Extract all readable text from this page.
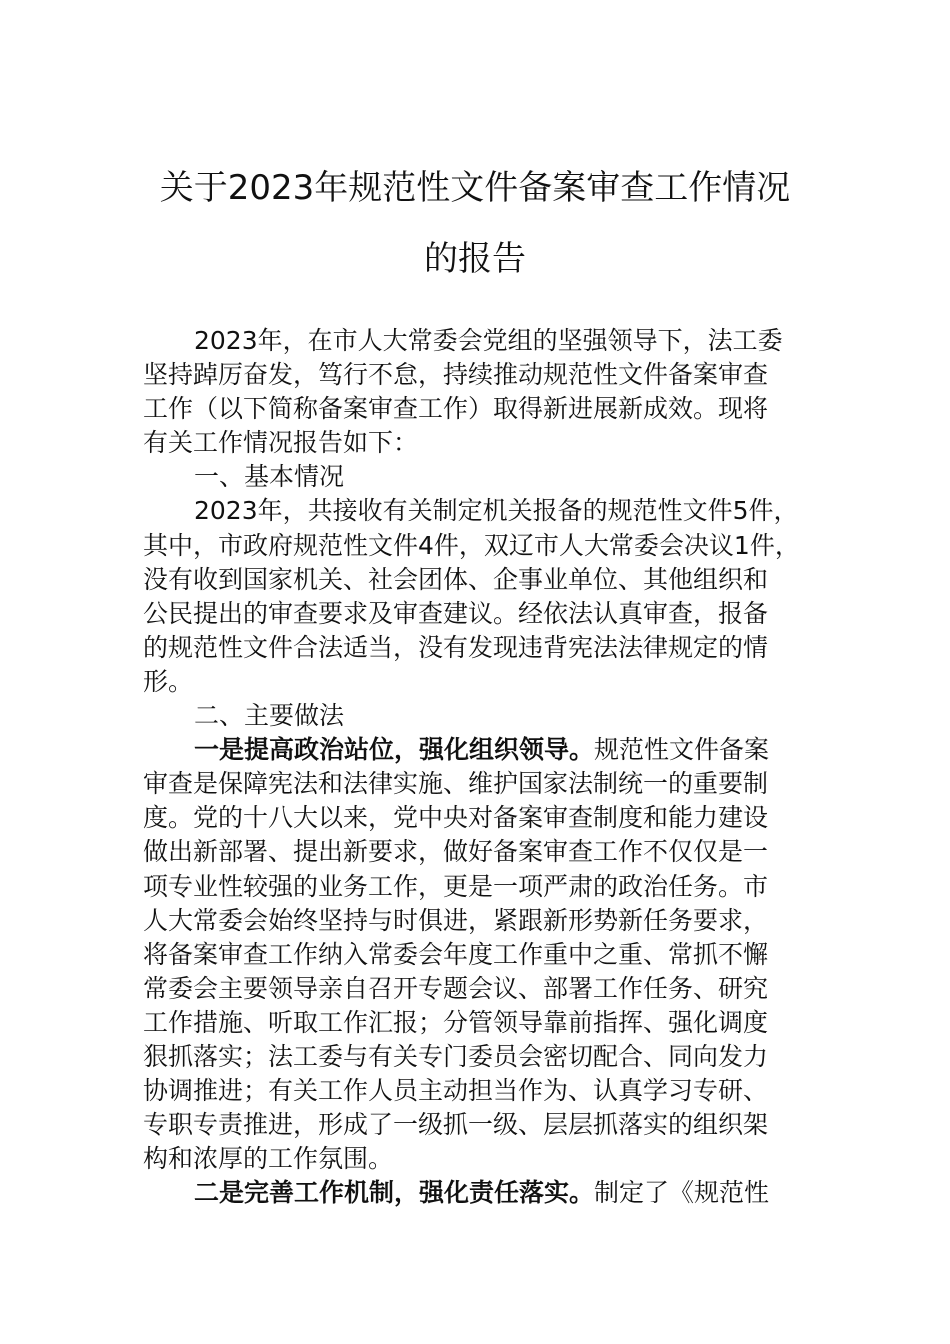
关于2023年规范性文件备案审查工作情况
的报告
2023年，在市人大常委会党组的坚强领导下，法工委
坚持踔厉奋发，笃行不怠，持续推动规范性文件备案审查
工作（以下简称备案审查工作）取得新进展新成效。现将
有关工作情况报告如下：
一、基本情况
2023年，共接收有关制定机关报备的规范性文件5件，
其中，市政府规范性文件4件，双辽市人大常委会决议1件，
没有收到国家机关、社会团体、企事业单位、其他组织和
公民提出的审查要求及审查建议。经依法认真审查，报备
的规范性文件合法适当，没有发现违背宪法法律规定的情
形。
二、主要做法
一是提高政治站位，强化组织领导。规范性文件备案
审查是保障宪法和法律实施、维护国家法制统一的重要制
度。党的十八大以来，党中央对备案审查制度和能力建设
做出新部署、提出新要求，做好备案审查工作不仅仅是一
项专业性较强的业务工作，更是一项严肃的政治任务。市
人大常委会始终坚持与时俱进，紧跟新形势新任务要求，
将备案审查工作纳入常委会年度工作重中之重、常抓不懈
常委会主要领导亲自召开专题会议、部署工作任务、研究
工作措施、听取工作汇报；分管领导靠前指挥、强化调度
狠抓落实；法工委与有关专门委员会密切配合、同向发力
协调推进；有关工作人员主动担当作为、认真学习专研、
专职专责推进，形成了一级抓一级、层层抓落实的组织架
构和浓厚的工作氛围。
二是完善工作机制，强化责任落实。制定了《规范性
